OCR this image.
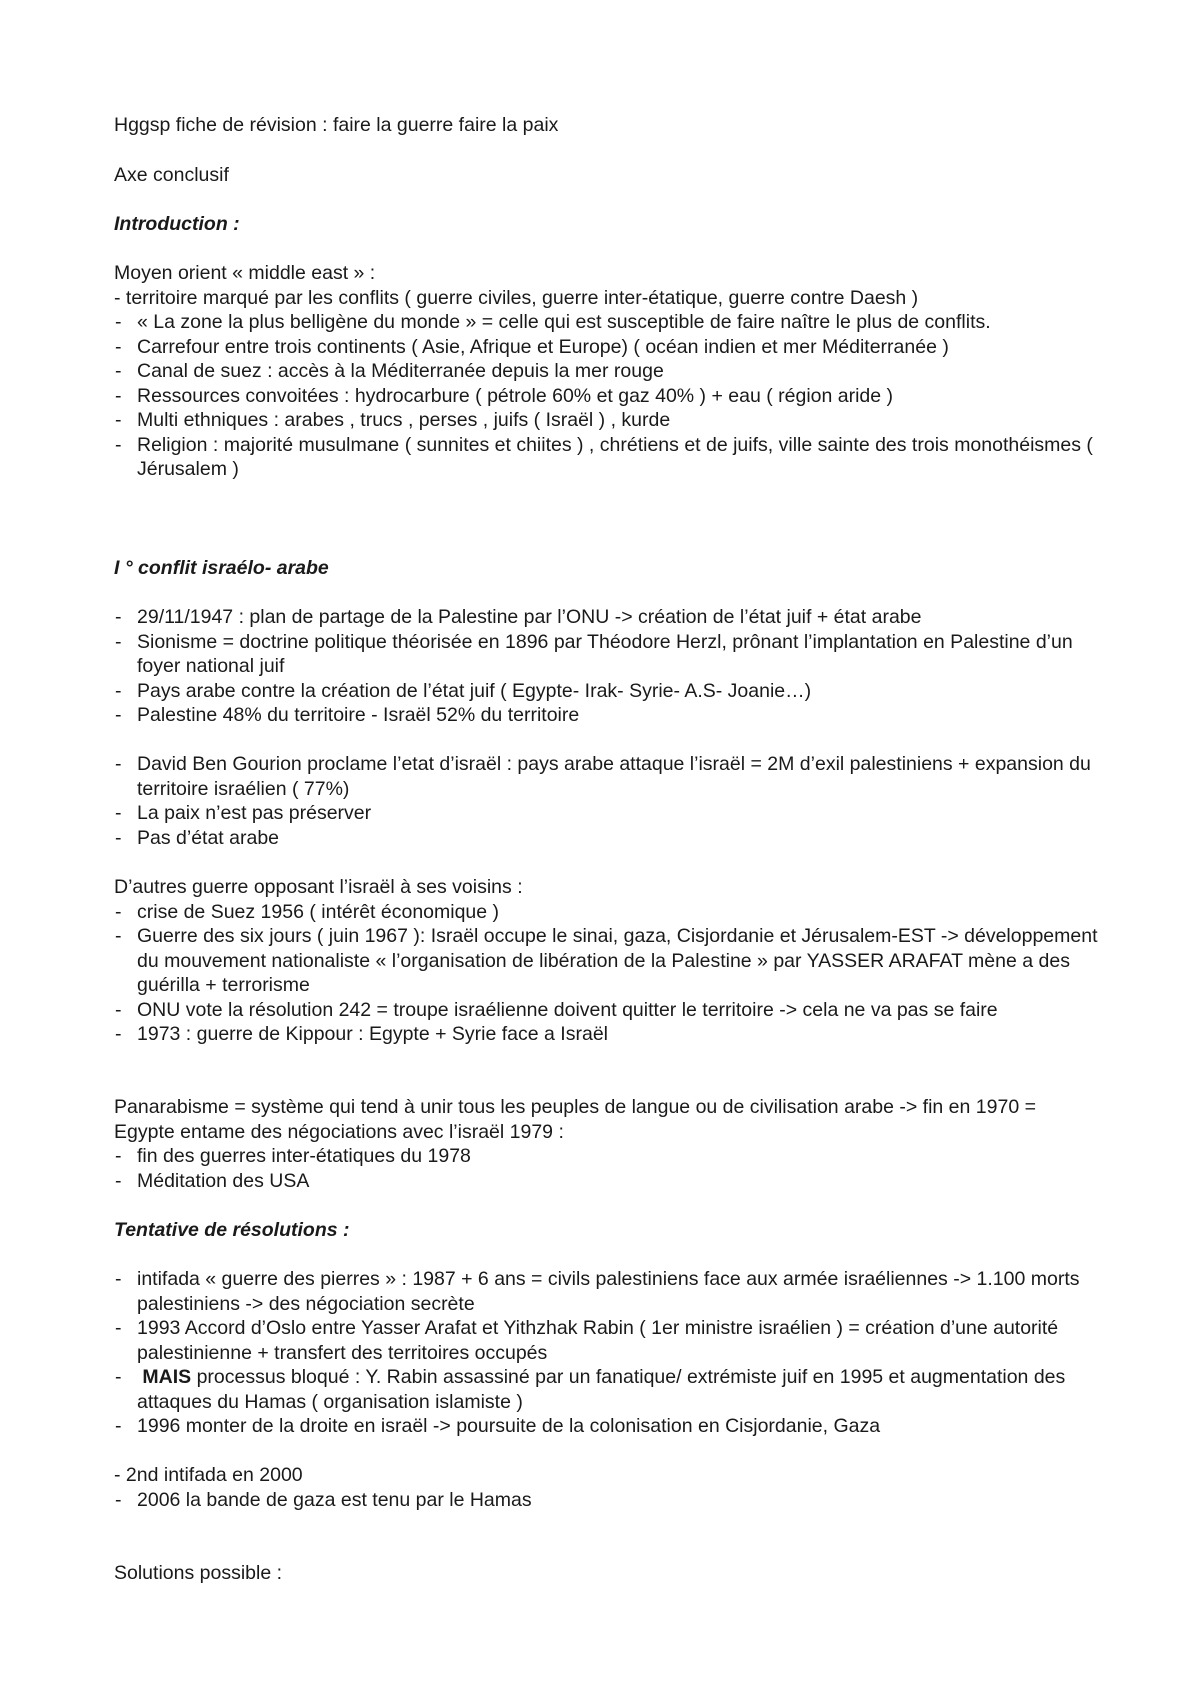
Hggsp fiche de révision : faire la guerre faire la paix
Axe conclusif
Introduction :
Moyen orient « middle east » :
- territoire marqué par les conflits ( guerre civiles, guerre inter-étatique, guerre contre Daesh )
- « La zone la plus belligène du monde » = celle qui est susceptible de faire naître le plus de conflits.
- Carrefour entre trois continents ( Asie, Afrique et Europe) ( océan indien et mer Méditerranée )
- Canal de suez : accès à la Méditerranée depuis la mer rouge
- Ressources convoitées : hydrocarbure ( pétrole 60% et gaz 40% ) + eau ( région aride )
- Multi ethniques : arabes , trucs , perses , juifs ( Israël ) , kurde
- Religion : majorité musulmane ( sunnites et chiites ) , chrétiens et de juifs, ville sainte des trois monothéismes ( Jérusalem )
I ° conflit israélo- arabe
- 29/11/1947 : plan de partage de la Palestine par l’ONU -> création de l’état juif + état arabe
- Sionisme = doctrine politique théorisée en 1896 par Théodore Herzl, prônant l’implantation en Palestine d’un foyer national juif
- Pays arabe contre la création de l’état juif ( Egypte- Irak- Syrie- A.S- Joanie…)
- Palestine 48% du territoire - Israël 52% du territoire
- David Ben Gourion proclame l’etat d’israël : pays arabe attaque l’israël = 2M d’exil palestiniens + expansion du territoire israélien ( 77%)
- La paix n’est pas préserver
- Pas d’état arabe
D’autres guerre opposant l’israël à ses voisins :
- crise de Suez 1956 ( intérêt économique )
- Guerre des six jours ( juin 1967 ): Israël occupe le sinai, gaza, Cisjordanie et Jérusalem-EST -> développement du mouvement nationaliste « l’organisation de libération de la Palestine » par YASSER ARAFAT mène a des guérilla + terrorisme
- ONU vote la résolution 242 = troupe israélienne doivent quitter le territoire -> cela ne va pas se faire
- 1973 : guerre de Kippour : Egypte + Syrie face a Israël
Panarabisme = système qui tend à unir tous les peuples de langue ou de civilisation arabe -> fin en 1970 = Egypte entame des négociations avec l’israël 1979 :
- fin des guerres inter-étatiques du 1978
- Méditation des USA
Tentative de résolutions :
- intifada « guerre des pierres » : 1987 + 6 ans = civils palestiniens face aux armée israéliennes -> 1.100 morts palestiniens -> des négociation secrète
- 1993 Accord d’Oslo entre Yasser Arafat et Yithzhak Rabin ( 1er ministre israélien ) = création d’une autorité palestinienne + transfert des territoires occupés
- MAIS processus bloqué : Y. Rabin assassiné par un fanatique/ extrémiste juif en 1995 et augmentation des attaques du Hamas ( organisation islamiste )
- 1996 monter de la droite en israël -> poursuite de la colonisation en Cisjordanie, Gaza
- 2nd intifada en 2000
- 2006 la bande de gaza est tenu par le Hamas
Solutions possible :
